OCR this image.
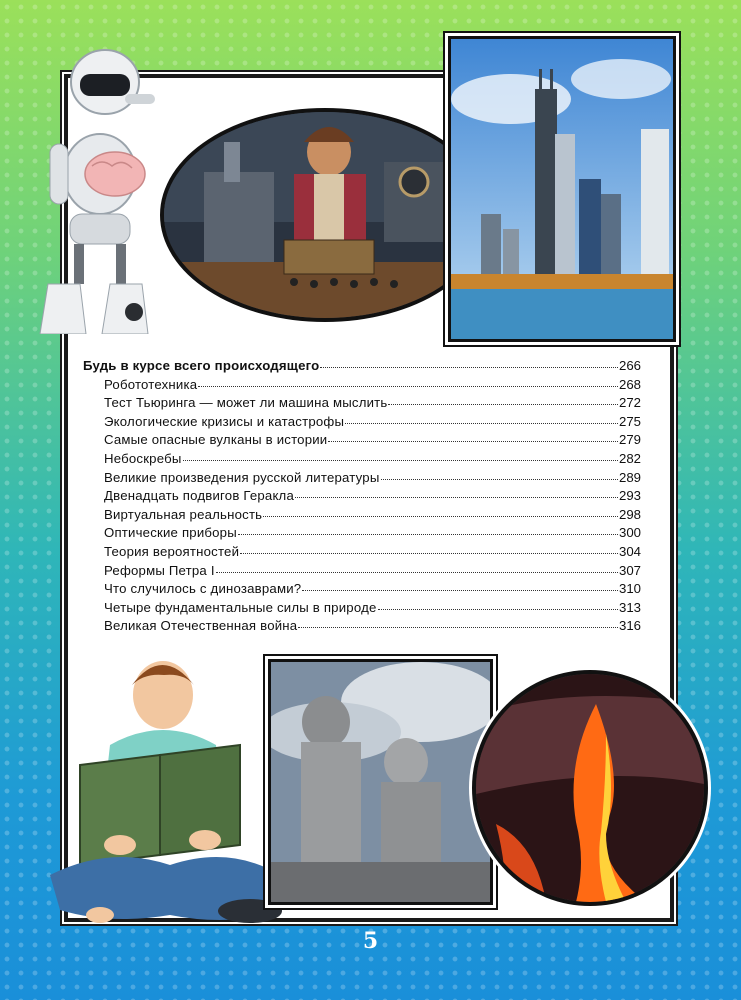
Будь в курсе всего происходящего	266
Робототехника	268
Тест Тьюринга — может ли машина мыслить	272
Экологические кризисы и катастрофы	275
Самые опасные вулканы в истории	279
Небоскребы	282
Великие произведения русской литературы	289
Двенадцать подвигов Геракла	293
Виртуальная реальность	298
Оптические приборы	300
Теория вероятностей	304
Реформы Петра I	307
Что случилось с динозаврами?	310
Четыре фундаментальные силы в природе	313
Великая Отечественная война	316
5
